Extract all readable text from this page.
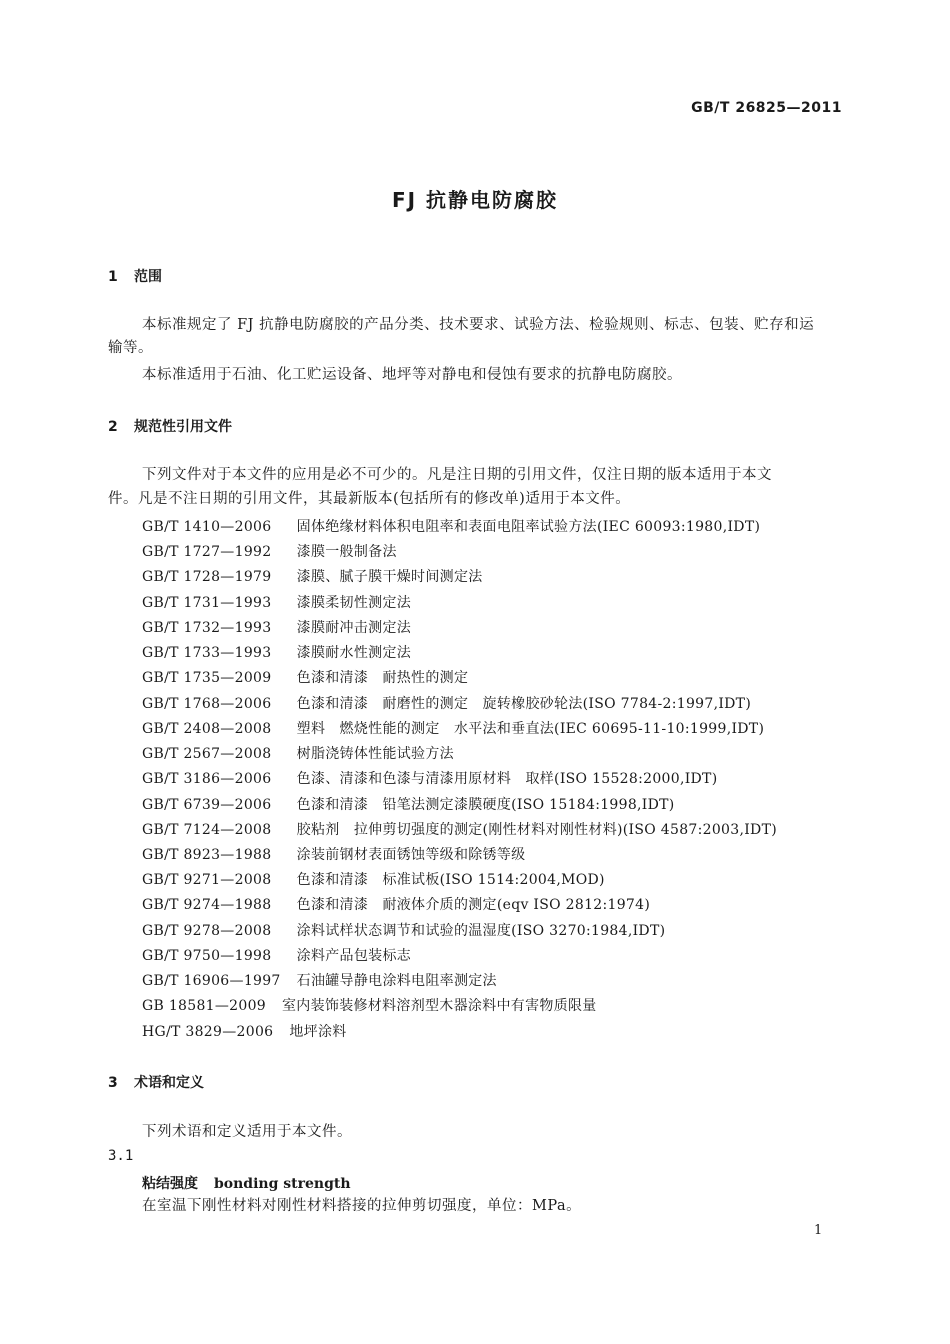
GB/T 26825—2011
FJ 抗静电防腐胶
1 范围
本标准规定了 FJ 抗静电防腐胶的产品分类、技术要求、试验方法、检验规则、标志、包装、贮存和运
输等。
本标准适用于石油、化工贮运设备、地坪等对静电和侵蚀有要求的抗静电防腐胶。
2 规范性引用文件
下列文件对于本文件的应用是必不可少的。凡是注日期的引用文件，仅注日期的版本适用于本文
件。凡是不注日期的引用文件，其最新版本(包括所有的修改单)适用于本文件。
GB/T 1410—2006 固体绝缘材料体积电阻率和表面电阻率试验方法(IEC 60093:1980,IDT)
GB/T 1727—1992 漆膜一般制备法
GB/T 1728—1979 漆膜、腻子膜干燥时间测定法
GB/T 1731—1993 漆膜柔韧性测定法
GB/T 1732—1993 漆膜耐冲击测定法
GB/T 1733—1993 漆膜耐水性测定法
GB/T 1735—2009 色漆和清漆　耐热性的测定
GB/T 1768—2006 色漆和清漆　耐磨性的测定　旋转橡胶砂轮法(ISO 7784-2:1997,IDT)
GB/T 2408—2008 塑料　燃烧性能的测定　水平法和垂直法(IEC 60695-11-10:1999,IDT)
GB/T 2567—2008 树脂浇铸体性能试验方法
GB/T 3186—2006 色漆、清漆和色漆与清漆用原材料　取样(ISO 15528:2000,IDT)
GB/T 6739—2006 色漆和清漆　铅笔法测定漆膜硬度(ISO 15184:1998,IDT)
GB/T 7124—2008 胶粘剂　拉伸剪切强度的测定(刚性材料对刚性材料)(ISO 4587:2003,IDT)
GB/T 8923—1988 涂装前钢材表面锈蚀等级和除锈等级
GB/T 9271—2008 色漆和清漆　标准试板(ISO 1514:2004,MOD)
GB/T 9274—1988 色漆和清漆　耐液体介质的测定(eqv ISO 2812:1974)
GB/T 9278—2008 涂料试样状态调节和试验的温湿度(ISO 3270:1984,IDT)
GB/T 9750—1998 涂料产品包装标志
GB/T 16906—1997 石油罐导静电涂料电阻率测定法
GB 18581—2009 室内装饰装修材料溶剂型木器涂料中有害物质限量
HG/T 3829—2006 地坪涂料
3 术语和定义
下列术语和定义适用于本文件。
3.1
粘结强度 bonding strength
在室温下刚性材料对刚性材料搭接的拉伸剪切强度，单位：MPa。
1
